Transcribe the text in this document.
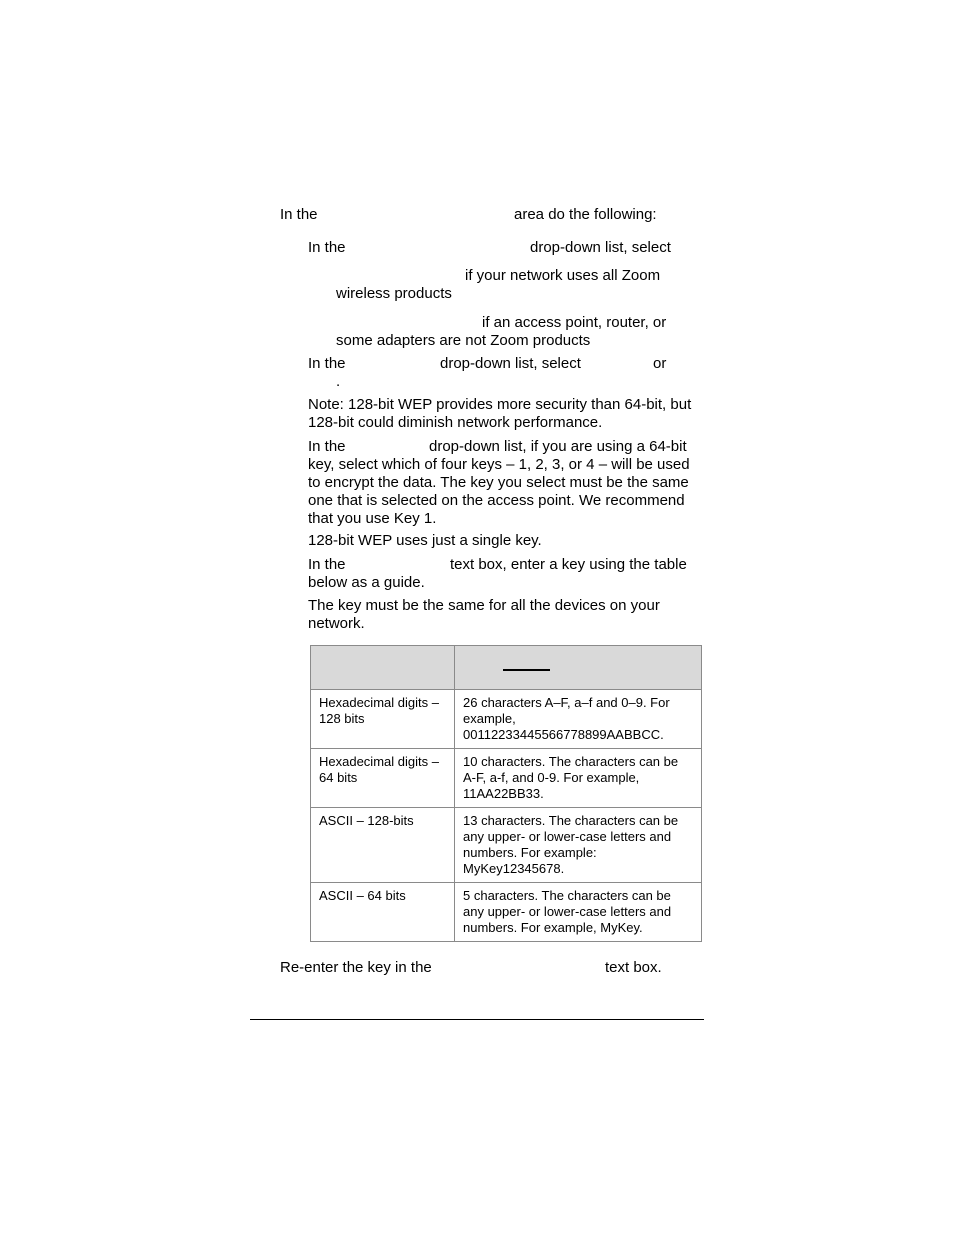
In the	area do the following:
In the	drop-down list, select
if your network uses all Zoom
wireless products
if an access point, router, or
some adapters are not Zoom products
In the	drop-down list, select	or
.
Note: 128-bit WEP provides more security than 64-bit, but 128-bit could diminish network performance.
In the	drop-down list, if you are using a 64-bit key, select which of four keys – 1, 2, 3, or 4 – will be used to encrypt the data. The key you select must be the same one that is selected on the access point. We recommend that you use Key 1.
128-bit WEP uses just a single key.
In the	text box, enter a key using the table below as a guide.
The key must be the same for all the devices on your network.

Hexadecimal digits – 128 bits	26 characters A–F, a–f and 0–9. For example, 00112233445566778899AABBCC.
Hexadecimal digits – 64 bits	10 characters. The characters can be A-F, a-f, and 0-9. For example, 11AA22BB33.
ASCII – 128-bits	13 characters. The characters can be any upper- or lower-case letters and numbers. For example: MyKey12345678.
ASCII – 64 bits	5 characters. The characters can be any upper- or lower-case letters and numbers. For example, MyKey.
Re-enter the key in the	text box.
